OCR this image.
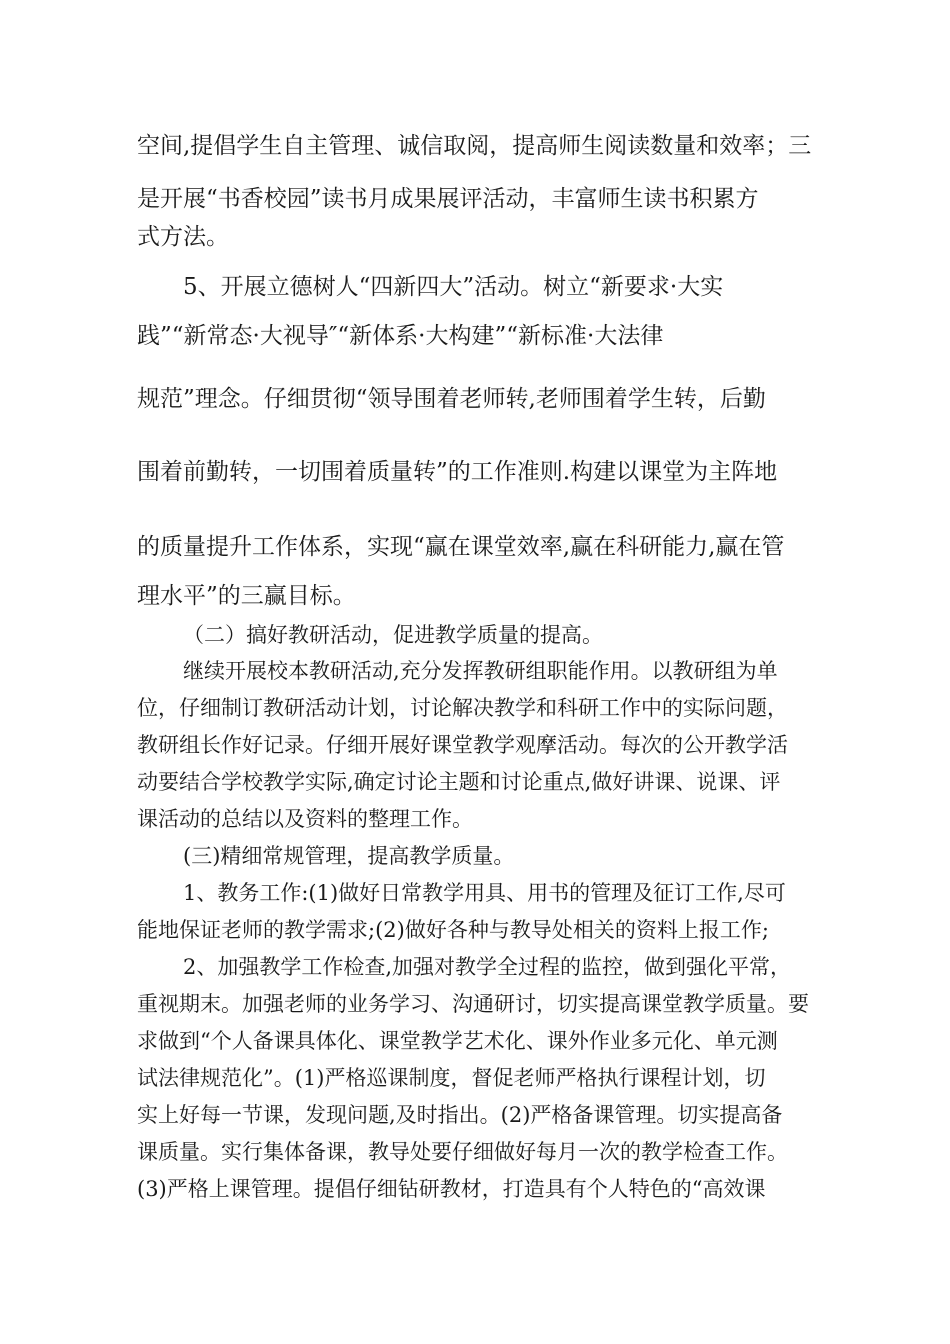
空间,提倡学生自主管理、诚信取阅，提高师生阅读数量和效率；三
是开展“书香校园”读书月成果展评活动，丰富师生读书积累方
式方法。
5、开展立德树人“四新四大”活动。树立“新要求·大实
践”“新常态·大视导″“新体系·大构建”“新标准·大法律
规范”理念。仔细贯彻“领导围着老师转,老师围着学生转，后勤
围着前勤转，一切围着质量转”的工作准则.构建以课堂为主阵地
的质量提升工作体系，实现“赢在课堂效率,赢在科研能力,赢在管
理水平”的三赢目标。
（二）搞好教研活动，促进教学质量的提高。
继续开展校本教研活动,充分发挥教研组职能作用。以教研组为单
位，仔细制订教研活动计划，讨论解决教学和科研工作中的实际问题，
教研组长作好记录。仔细开展好课堂教学观摩活动。每次的公开教学活
动要结合学校教学实际,确定讨论主题和讨论重点,做好讲课、说课、评
课活动的总结以及资料的整理工作。
(三)精细常规管理，提高教学质量。
1、教务工作:(1)做好日常教学用具、用书的管理及征订工作,尽可
能地保证老师的教学需求;(2)做好各种与教导处相关的资料上报工作;
2、加强教学工作检查,加强对教学全过程的监控，做到强化平常，
重视期末。加强老师的业务学习、沟通研讨，切实提高课堂教学质量。要
求做到“个人备课具体化、课堂教学艺术化、课外作业多元化、单元测
试法律规范化”。(1)严格巡课制度，督促老师严格执行课程计划，切
实上好每一节课，发现问题,及时指出。(2)严格备课管理。切实提高备
课质量。实行集体备课，教导处要仔细做好每月一次的教学检查工作。
(3)严格上课管理。提倡仔细钻研教材，打造具有个人特色的“高效课
